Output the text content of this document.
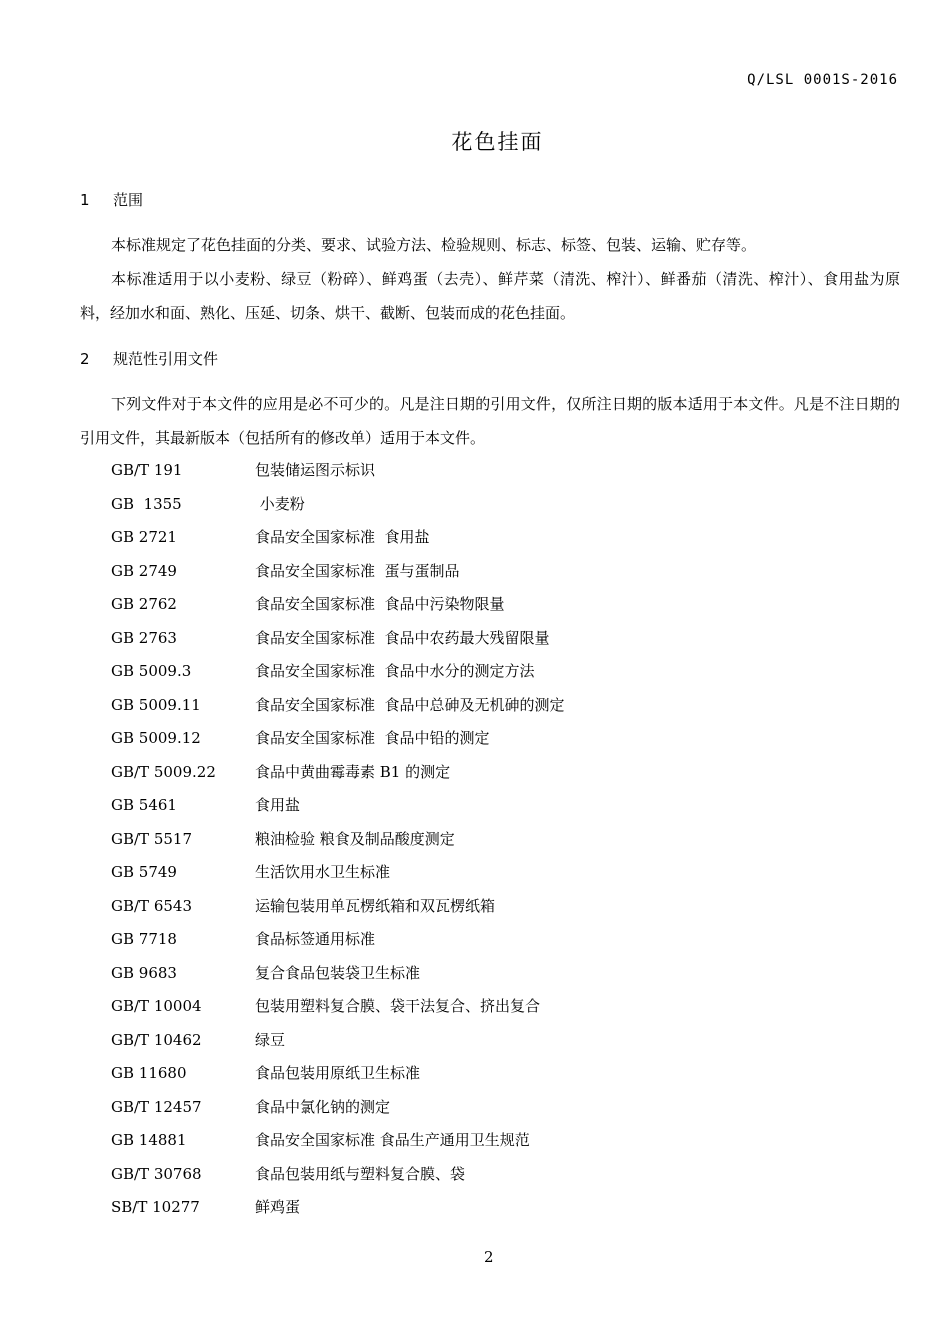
Q/LSL 0001S-2016
花色挂面
1 范围
本标准规定了花色挂面的分类、要求、试验方法、检验规则、标志、标签、包装、运输、贮存等。
本标准适用于以小麦粉、绿豆（粉碎）、鲜鸡蛋（去壳）、鲜芹菜（清洗、榨汁）、鲜番茄（清洗、榨汁）、食用盐为原料，经加水和面、熟化、压延、切条、烘干、截断、包装而成的花色挂面。
2 规范性引用文件
下列文件对于本文件的应用是必不可少的。凡是注日期的引用文件，仅所注日期的版本适用于本文件。凡是不注日期的引用文件，其最新版本（包括所有的修改单）适用于本文件。
GB/T 191	包装储运图示标识
GB  1355	小麦粉
GB 2721	食品安全国家标准  食用盐
GB 2749	食品安全国家标准  蛋与蛋制品
GB 2762	食品安全国家标准  食品中污染物限量
GB 2763	食品安全国家标准  食品中农药最大残留限量
GB 5009.3	食品安全国家标准  食品中水分的测定方法
GB 5009.11	食品安全国家标准  食品中总砷及无机砷的测定
GB 5009.12	食品安全国家标准  食品中铅的测定
GB/T 5009.22	食品中黄曲霉毒素 B1 的测定
GB 5461	食用盐
GB/T 5517	粮油检验 粮食及制品酸度测定
GB 5749	生活饮用水卫生标准
GB/T 6543	运输包装用单瓦楞纸箱和双瓦楞纸箱
GB 7718	食品标签通用标准
GB 9683	复合食品包装袋卫生标准
GB/T 10004	包装用塑料复合膜、袋干法复合、挤出复合
GB/T 10462	绿豆
GB 11680	食品包装用原纸卫生标准
GB/T 12457	食品中氯化钠的测定
GB 14881	食品安全国家标准 食品生产通用卫生规范
GB/T 30768	食品包装用纸与塑料复合膜、袋
SB/T 10277	鲜鸡蛋
2
